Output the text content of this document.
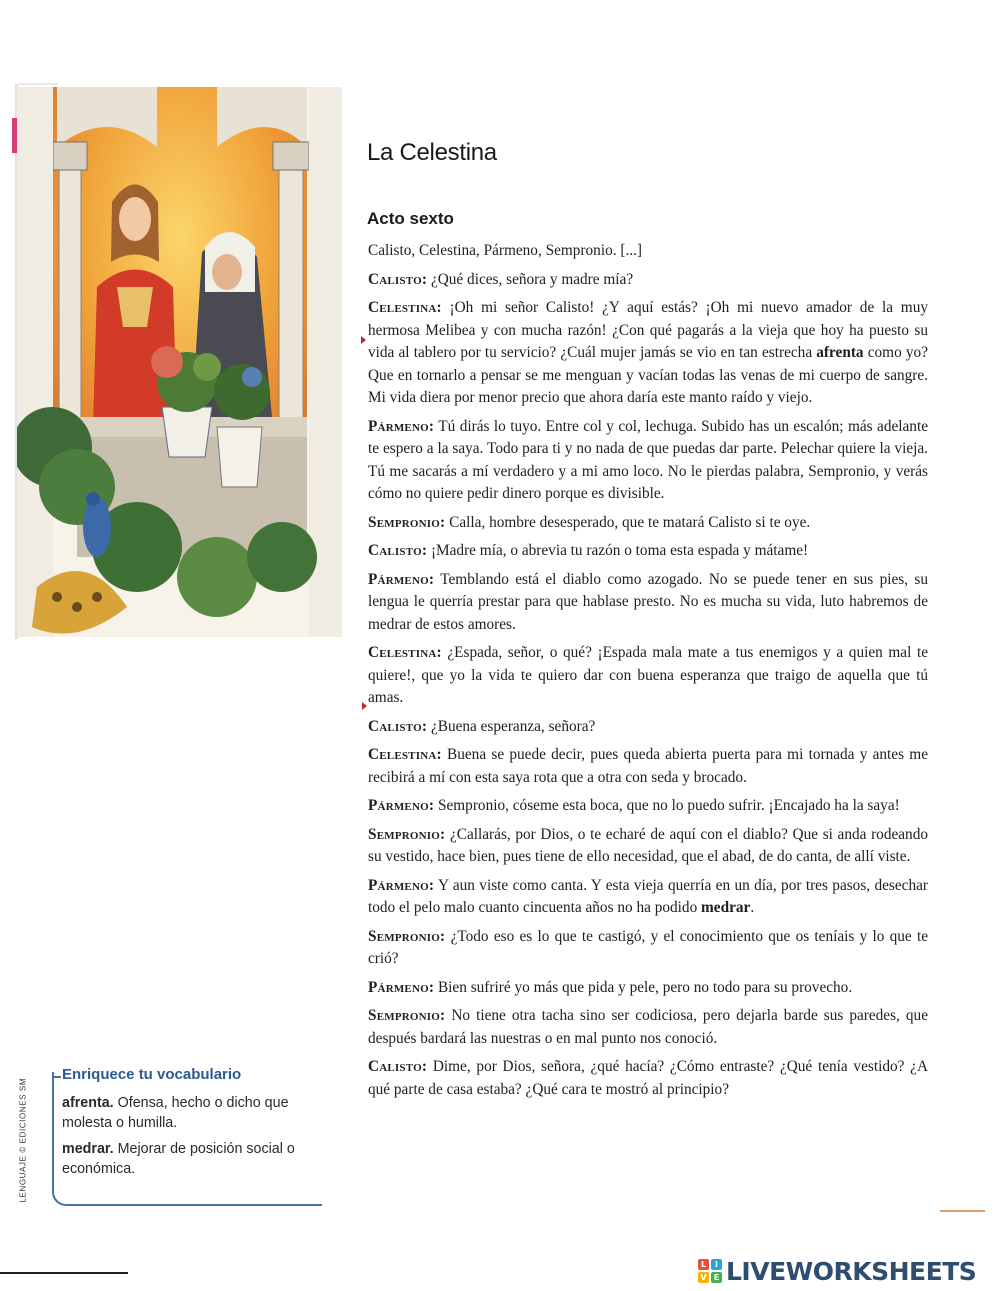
La Celestina
Acto sexto

Calisto, Celestina, Pármeno, Sempronio. [...]

Calisto: ¿Qué dices, señora y madre mía?

Celestina: ¡Oh mi señor Calisto! ¿Y aquí estás? ¡Oh mi nuevo amador de la muy hermosa Melibea y con mucha razón! ¿Con qué pagarás a la vieja que hoy ha puesto su vida al tablero por tu servicio? ¿Cuál mujer jamás se vio en tan estrecha afrenta como yo? Que en tornarlo a pensar se me menguan y vacían todas las venas de mi cuerpo de sangre. Mi vida diera por menor precio que ahora daría este manto raído y viejo.

Pármeno: Tú dirás lo tuyo. Entre col y col, lechuga. Subido has un escalón; más adelante te espero a la saya. Todo para ti y no nada de que puedas dar parte. Pelechar quiere la vieja. Tú me sacarás a mí verdadero y a mi amo loco. No le pierdas palabra, Sempronio, y verás cómo no quiere pedir dinero porque es divisible.

Sempronio: Calla, hombre desesperado, que te matará Calisto si te oye.

Calisto: ¡Madre mía, o abrevia tu razón o toma esta espada y mátame!

Pármeno: Temblando está el diablo como azogado. No se puede tener en sus pies, su lengua le querría prestar para que hablase presto. No es mucha su vida, luto habremos de medrar de estos amores.

Celestina: ¿Espada, señor, o qué? ¡Espada mala mate a tus enemigos y a quien mal te quiere!, que yo la vida te quiero dar con buena esperanza que traigo de aquella que tú amas.

Calisto: ¿Buena esperanza, señora?

Celestina: Buena se puede decir, pues queda abierta puerta para mi tornada y antes me recibirá a mí con esta saya rota que a otra con seda y brocado.

Pármeno: Sempronio, cóseme esta boca, que no lo puedo sufrir. ¡Encajado ha la saya!

Sempronio: ¿Callarás, por Dios, o te echaré de aquí con el diablo? Que si anda rodeando su vestido, hace bien, pues tiene de ello necesidad, que el abad, de do canta, de allí viste.

Pármeno: Y aun viste como canta. Y esta vieja querría en un día, por tres pasos, desechar todo el pelo malo cuanto cincuenta años no ha podido medrar.

Sempronio: ¿Todo eso es lo que te castigó, y el conocimiento que os teníais y lo que te crió?

Pármeno: Bien sufriré yo más que pida y pele, pero no todo para su provecho.

Sempronio: No tiene otra tacha sino ser codiciosa, pero dejarla barde sus paredes, que después bardará las nuestras o en mal punto nos conoció.

Calisto: Dime, por Dios, señora, ¿qué hacía? ¿Cómo entraste? ¿Qué tenía vestido? ¿A qué parte de casa estaba? ¿Qué cara te mostró al principio?

LENGUAJE © EDICIONES SM
Enriquece tu vocabulario

afrenta. Ofensa, hecho o dicho que molesta o humilla.

medrar. Mejorar de posición social o económica.

L	I
V E LIVEWORKSHEETS
